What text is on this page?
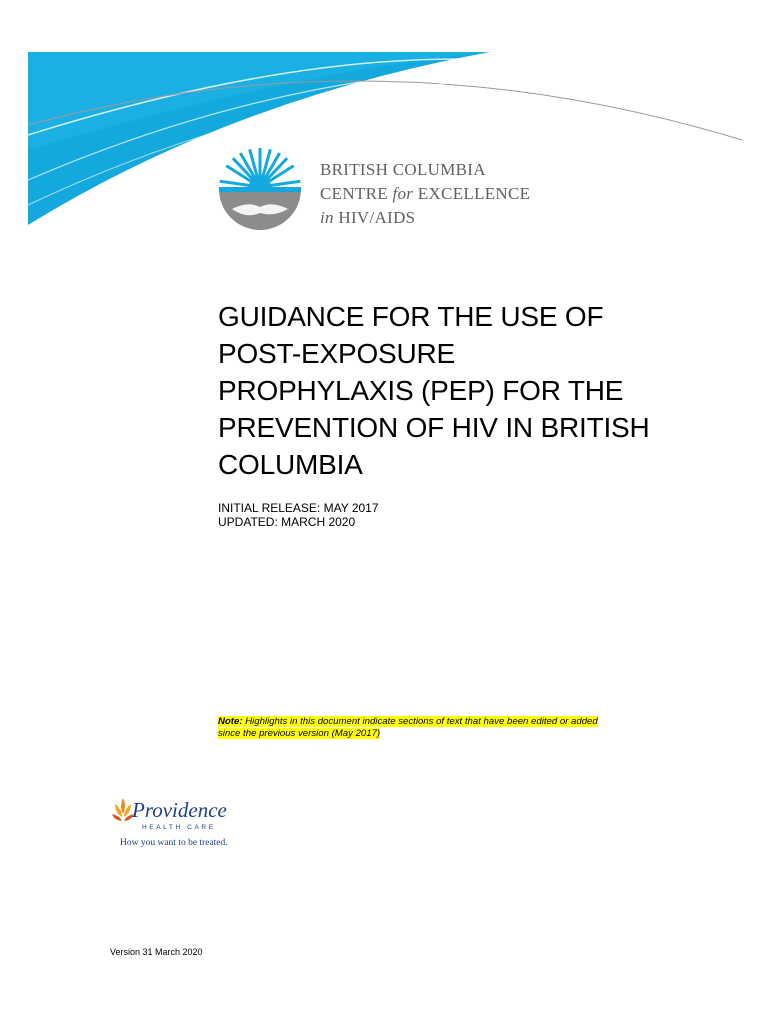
BRITISH COLUMBIA
CENTRE for EXCELLENCE
in HIV/AIDS
GUIDANCE FOR THE USE OF
POST-EXPOSURE
PROPHYLAXIS (PEP) FOR THE
PREVENTION OF HIV IN BRITISH
COLUMBIA
INITIAL RELEASE: MAY 2017
UPDATED: MARCH 2020
Note: Highlights in this document indicate sections of text that have been edited or added
since the previous version (May 2017)
Providence
HEALTH CARE
How you want to be treated.
Version 31 March 2020
